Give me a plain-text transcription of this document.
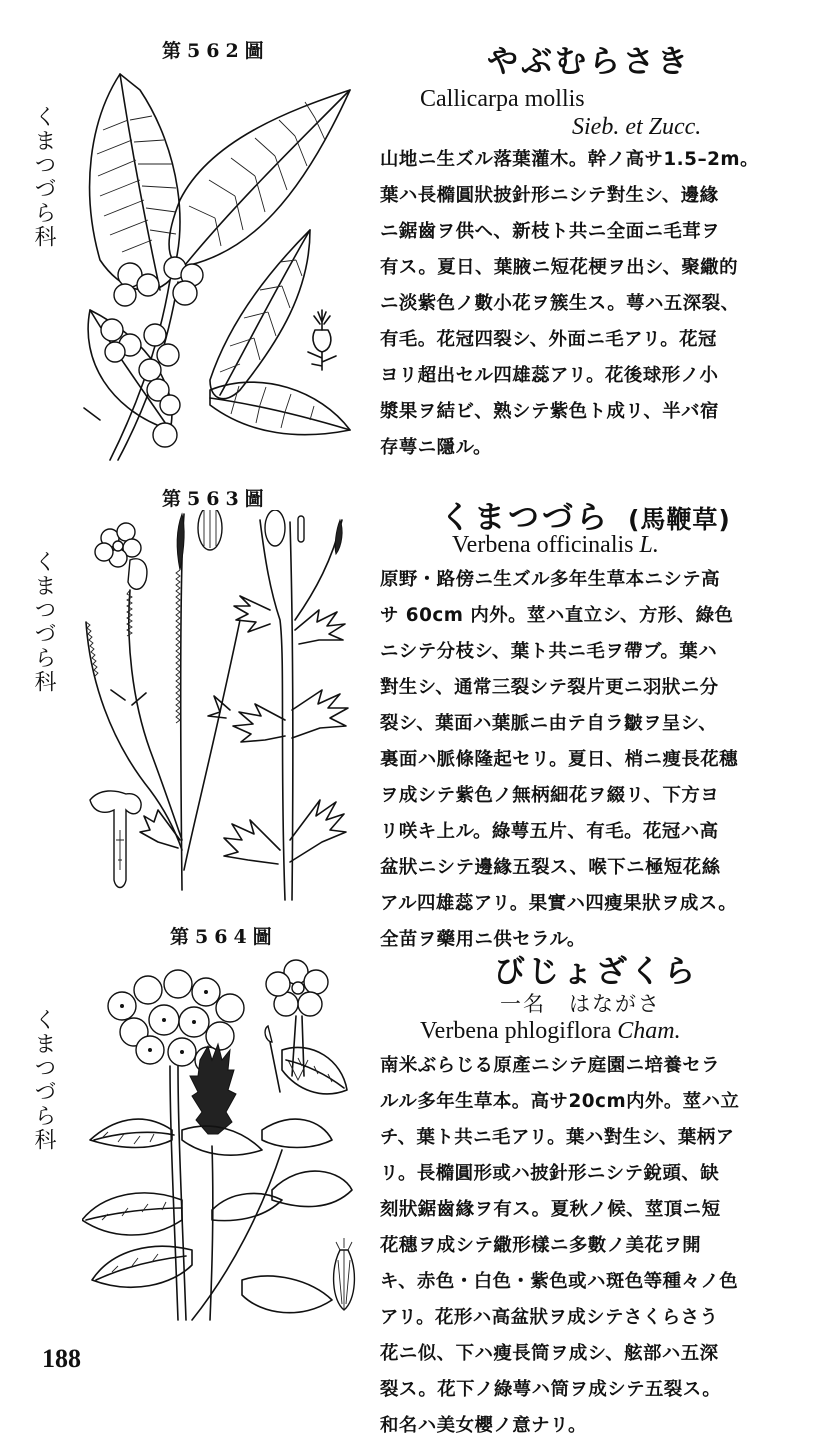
第562圖
くまつづら科
やぶむらさき
Callicarpa mollis
Sieb. et Zucc.
山地ニ生ズル落葉灌木。幹ノ高サ1.5–2m。
葉ハ長橢圓狀披針形ニシテ對生シ、邊緣
ニ鋸齒ヲ供ヘ、新枝ト共ニ全面ニ毛茸ヲ
有ス。夏日、葉腋ニ短花梗ヲ出シ、聚繖的
ニ淡紫色ノ數小花ヲ簇生ス。萼ハ五深裂、
有毛。花冠四裂シ、外面ニ毛アリ。花冠
ヨリ超出セル四雄蕊アリ。花後球形ノ小
漿果ヲ結ビ、熟シテ紫色ト成リ、半バ宿
存萼ニ隱ル。
第563圖
くまつづら科
くまつづら (馬鞭草)
Verbena officinalis L.
原野・路傍ニ生ズル多年生草本ニシテ高
サ 60cm 内外。莖ハ直立シ、方形、綠色
ニシテ分枝シ、葉ト共ニ毛ヲ帶ブ。葉ハ
對生シ、通常三裂シテ裂片更ニ羽狀ニ分
裂シ、葉面ハ葉脈ニ由テ自ラ皺ヲ呈シ、
裏面ハ脈條隆起セリ。夏日、梢ニ痩長花穗
ヲ成シテ紫色ノ無柄細花ヲ綴リ、下方ヨ
リ咲キ上ル。綠萼五片、有毛。花冠ハ高
盆狀ニシテ邊緣五裂ス、喉下ニ極短花絲
アル四雄蕊アリ。果實ハ四瘦果狀ヲ成ス。
全苗ヲ藥用ニ供セラル。
第564圖
くまつづら科
びじょざくら
一名　はながさ
Verbena phlogiflora Cham.
南米ぶらじる原產ニシテ庭園ニ培養セラ
ルル多年生草本。高サ20cm内外。莖ハ立
チ、葉ト共ニ毛アリ。葉ハ對生シ、葉柄ア
リ。長橢圓形或ハ披針形ニシテ銳頭、缺
刻狀鋸齒緣ヲ有ス。夏秋ノ候、莖頂ニ短
花穗ヲ成シテ繖形樣ニ多數ノ美花ヲ開
キ、赤色・白色・紫色或ハ斑色等種々ノ色
アリ。花形ハ高盆狀ヲ成シテさくらさう
花ニ似、下ハ瘦長筒ヲ成シ、舷部ハ五深
裂ス。花下ノ綠萼ハ筒ヲ成シテ五裂ス。
和名ハ美女櫻ノ意ナリ。
188
